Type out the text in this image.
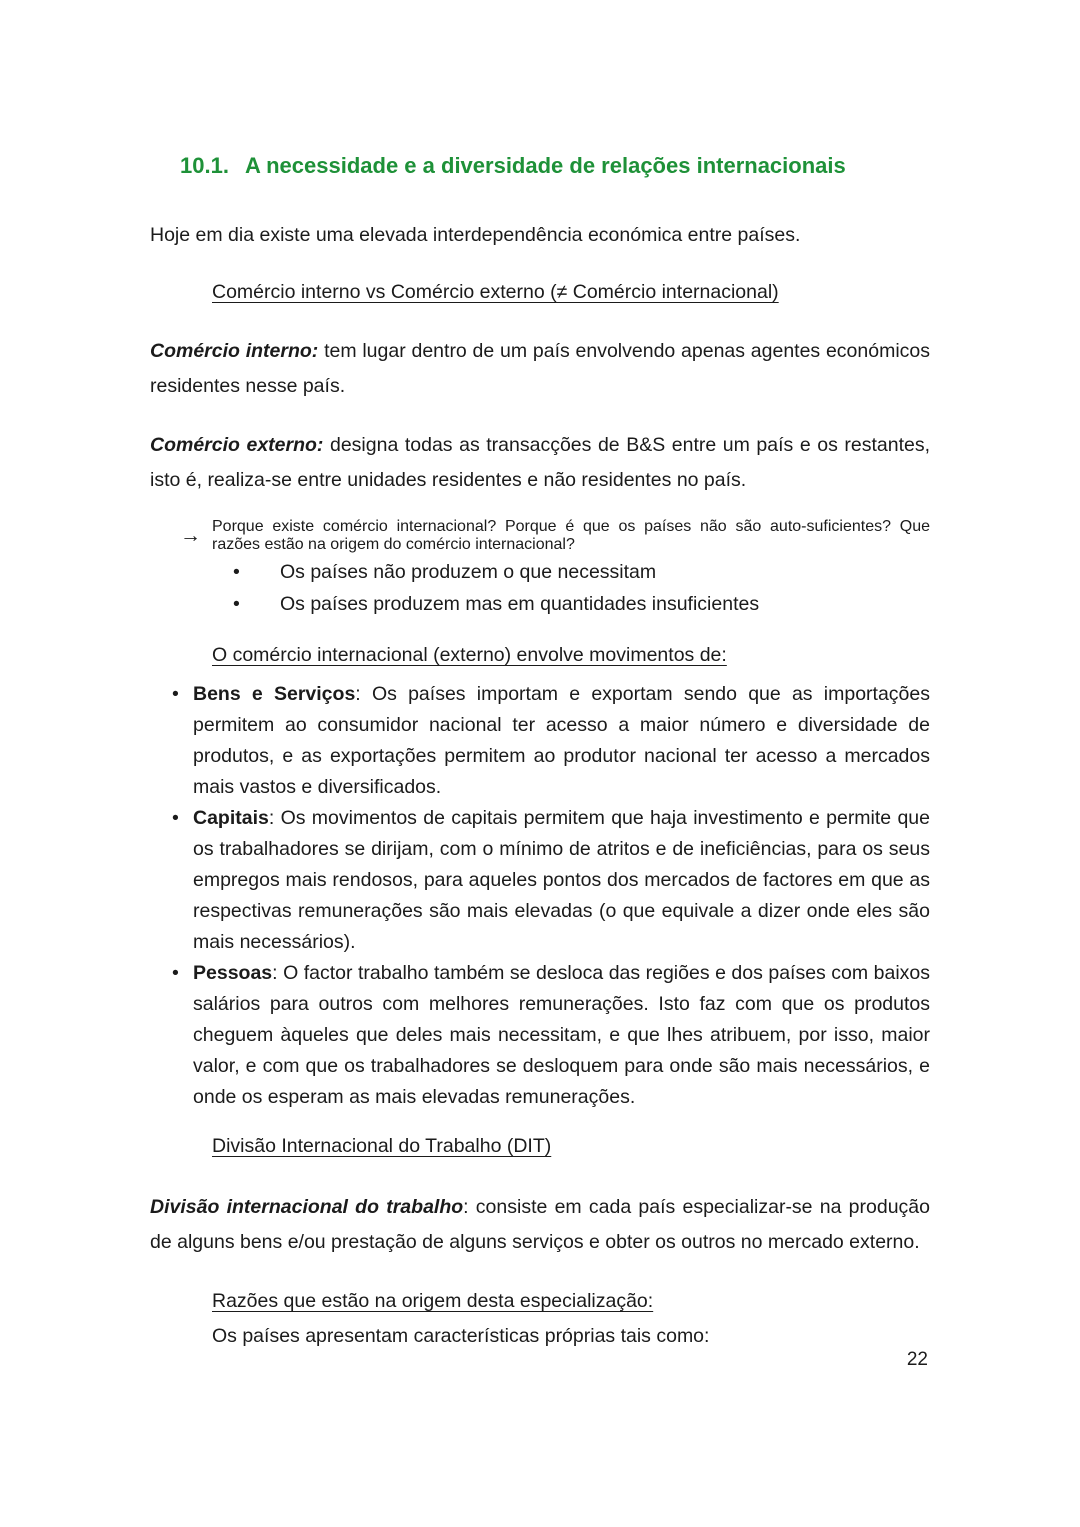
10.1. A necessidade e a diversidade de relações internacionais

Hoje em dia existe uma elevada interdependência económica entre países.

Comércio interno vs Comércio externo (≠ Comércio internacional)

Comércio interno: tem lugar dentro de um país envolvendo apenas agentes económicos residentes nesse país.

Comércio externo: designa todas as transacções de B&S entre um país e os restantes, isto é, realiza-se entre unidades residentes e não residentes no país.

→ Porque existe comércio internacional? Porque é que os países não são auto-suficientes? Que razões estão na origem do comércio internacional?
• Os países não produzem o que necessitam
• Os países produzem mas em quantidades insuficientes

O comércio internacional (externo) envolve movimentos de:

• Bens e Serviços: Os países importam e exportam sendo que as importações permitem ao consumidor nacional ter acesso a maior número e diversidade de produtos, e as exportações permitem ao produtor nacional ter acesso a mercados mais vastos e diversificados.
• Capitais: Os movimentos de capitais permitem que haja investimento e permite que os trabalhadores se dirijam, com o mínimo de atritos e de ineficiências, para os seus empregos mais rendosos, para aqueles pontos dos mercados de factores em que as respectivas remunerações são mais elevadas (o que equivale a dizer onde eles são mais necessários).
• Pessoas: O factor trabalho também se desloca das regiões e dos países com baixos salários para outros com melhores remunerações. Isto faz com que os produtos cheguem àqueles que deles mais necessitam, e que lhes atribuem, por isso, maior valor, e com que os trabalhadores se desloquem para onde são mais necessários, e onde os esperam as mais elevadas remunerações.

Divisão Internacional do Trabalho (DIT)

Divisão internacional do trabalho: consiste em cada país especializar-se na produção de alguns bens e/ou prestação de alguns serviços e obter os outros no mercado externo.

Razões que estão na origem desta especialização:

Os países apresentam características próprias tais como:

22
